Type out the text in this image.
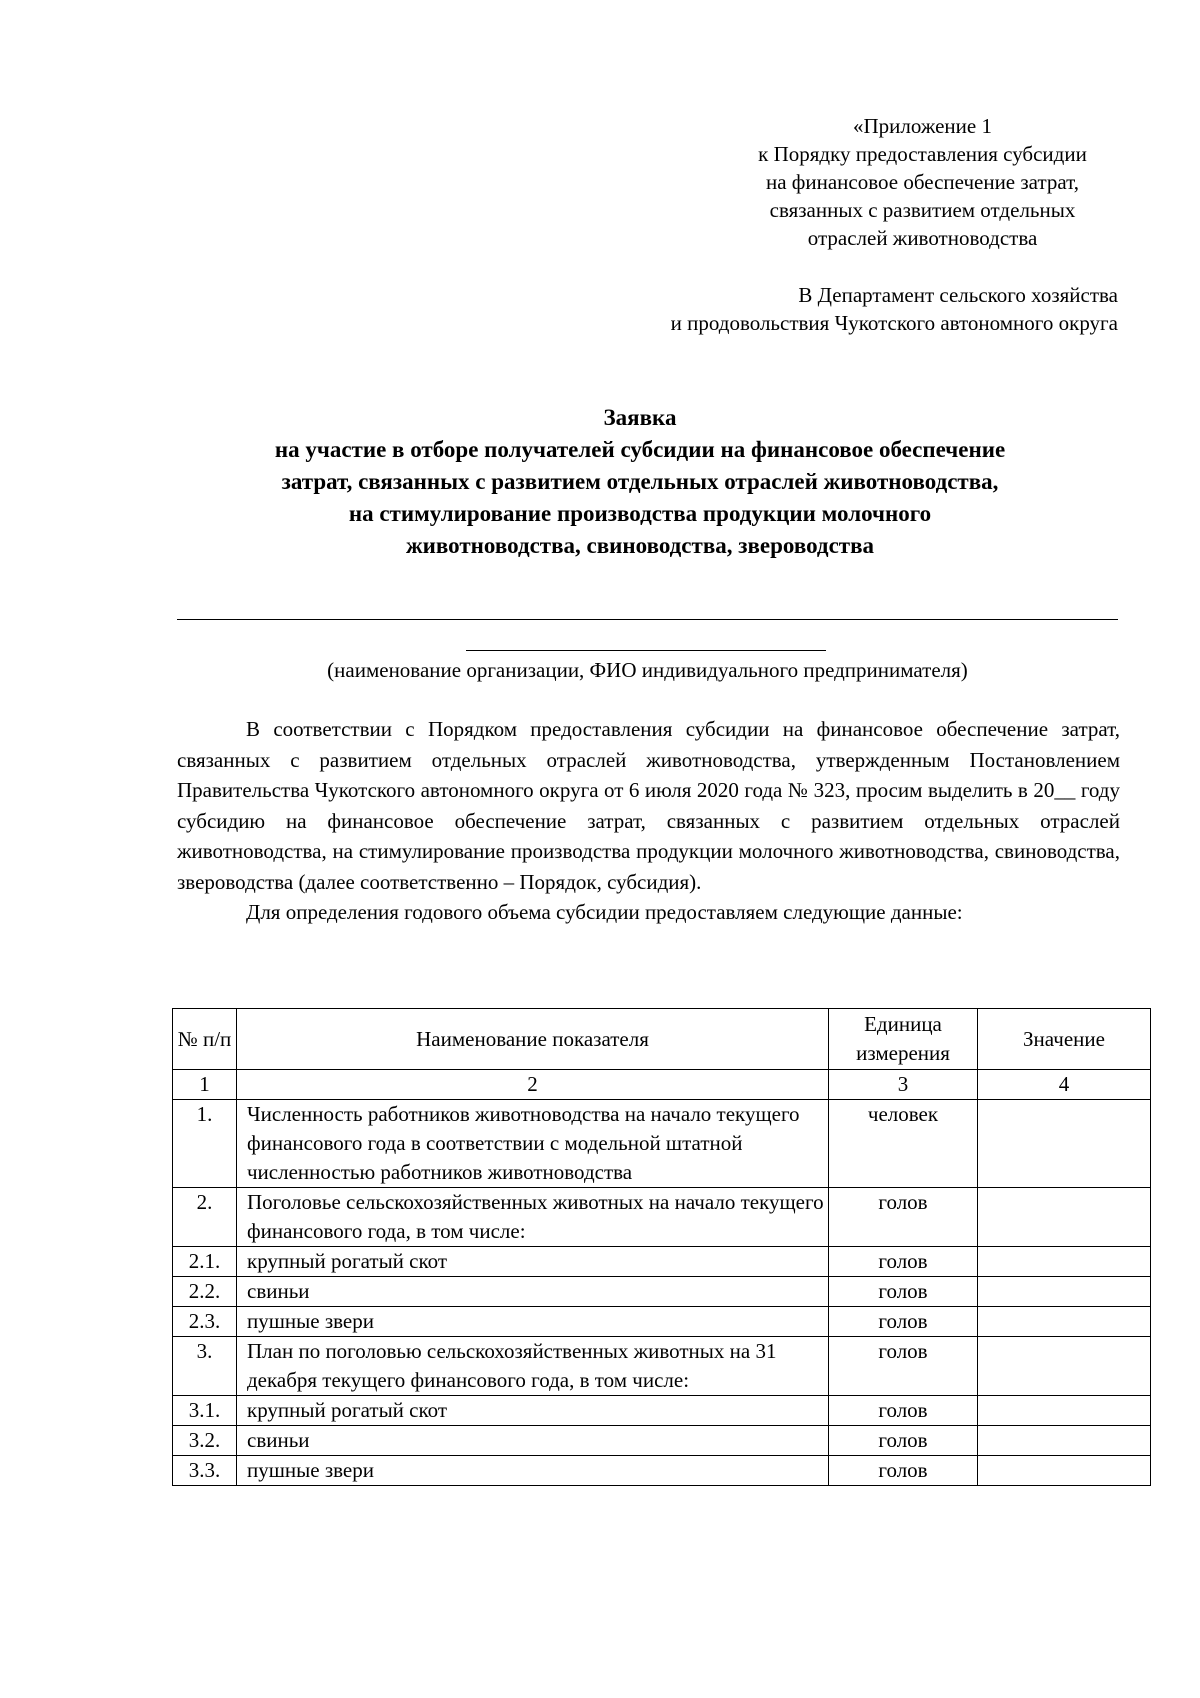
«Приложение 1
к Порядку предоставления субсидии
на финансовое обеспечение затрат,
связанных с развитием отдельных
отраслей животноводства
В Департамент сельского хозяйства
и продовольствия Чукотского автономного округа
Заявка
на участие в отборе получателей субсидии на финансовое обеспечение
затрат, связанных с развитием отдельных отраслей животноводства,
на стимулирование производства продукции молочного
животноводства, свиноводства, звероводства
(наименование организации, ФИО индивидуального предпринимателя)

В соответствии с Порядком предоставления субсидии на финансовое обеспечение затрат, связанных с развитием отдельных отраслей животноводства, утвержденным Постановлением Правительства Чукотского автономного округа от 6 июля 2020 года № 323, просим выделить в 20__ году субсидию на финансовое обеспечение затрат, связанных с развитием отдельных отраслей животноводства, на стимулирование производства продукции молочного животноводства, свиноводства, звероводства (далее соответственно – Порядок, субсидия).

Для определения годового объема субсидии предоставляем следующие данные:

№ п/п	Наименование показателя	Единица измерения	Значение
1	2	3	4
1.	Численность работников животноводства на начало текущего финансового года в соответствии с модельной штатной численностью работников животноводства	человек	
2.	Поголовье сельскохозяйственных животных на начало текущего финансового года, в том числе:	голов	
2.1.	крупный рогатый скот	голов	
2.2.	свиньи	голов	
2.3.	пушные звери	голов	
3.	План по поголовью сельскохозяйственных животных на 31 декабря текущего финансового года, в том числе:	голов	
3.1.	крупный рогатый скот	голов	
3.2.	свиньи	голов	
3.3.	пушные звери	голов	
